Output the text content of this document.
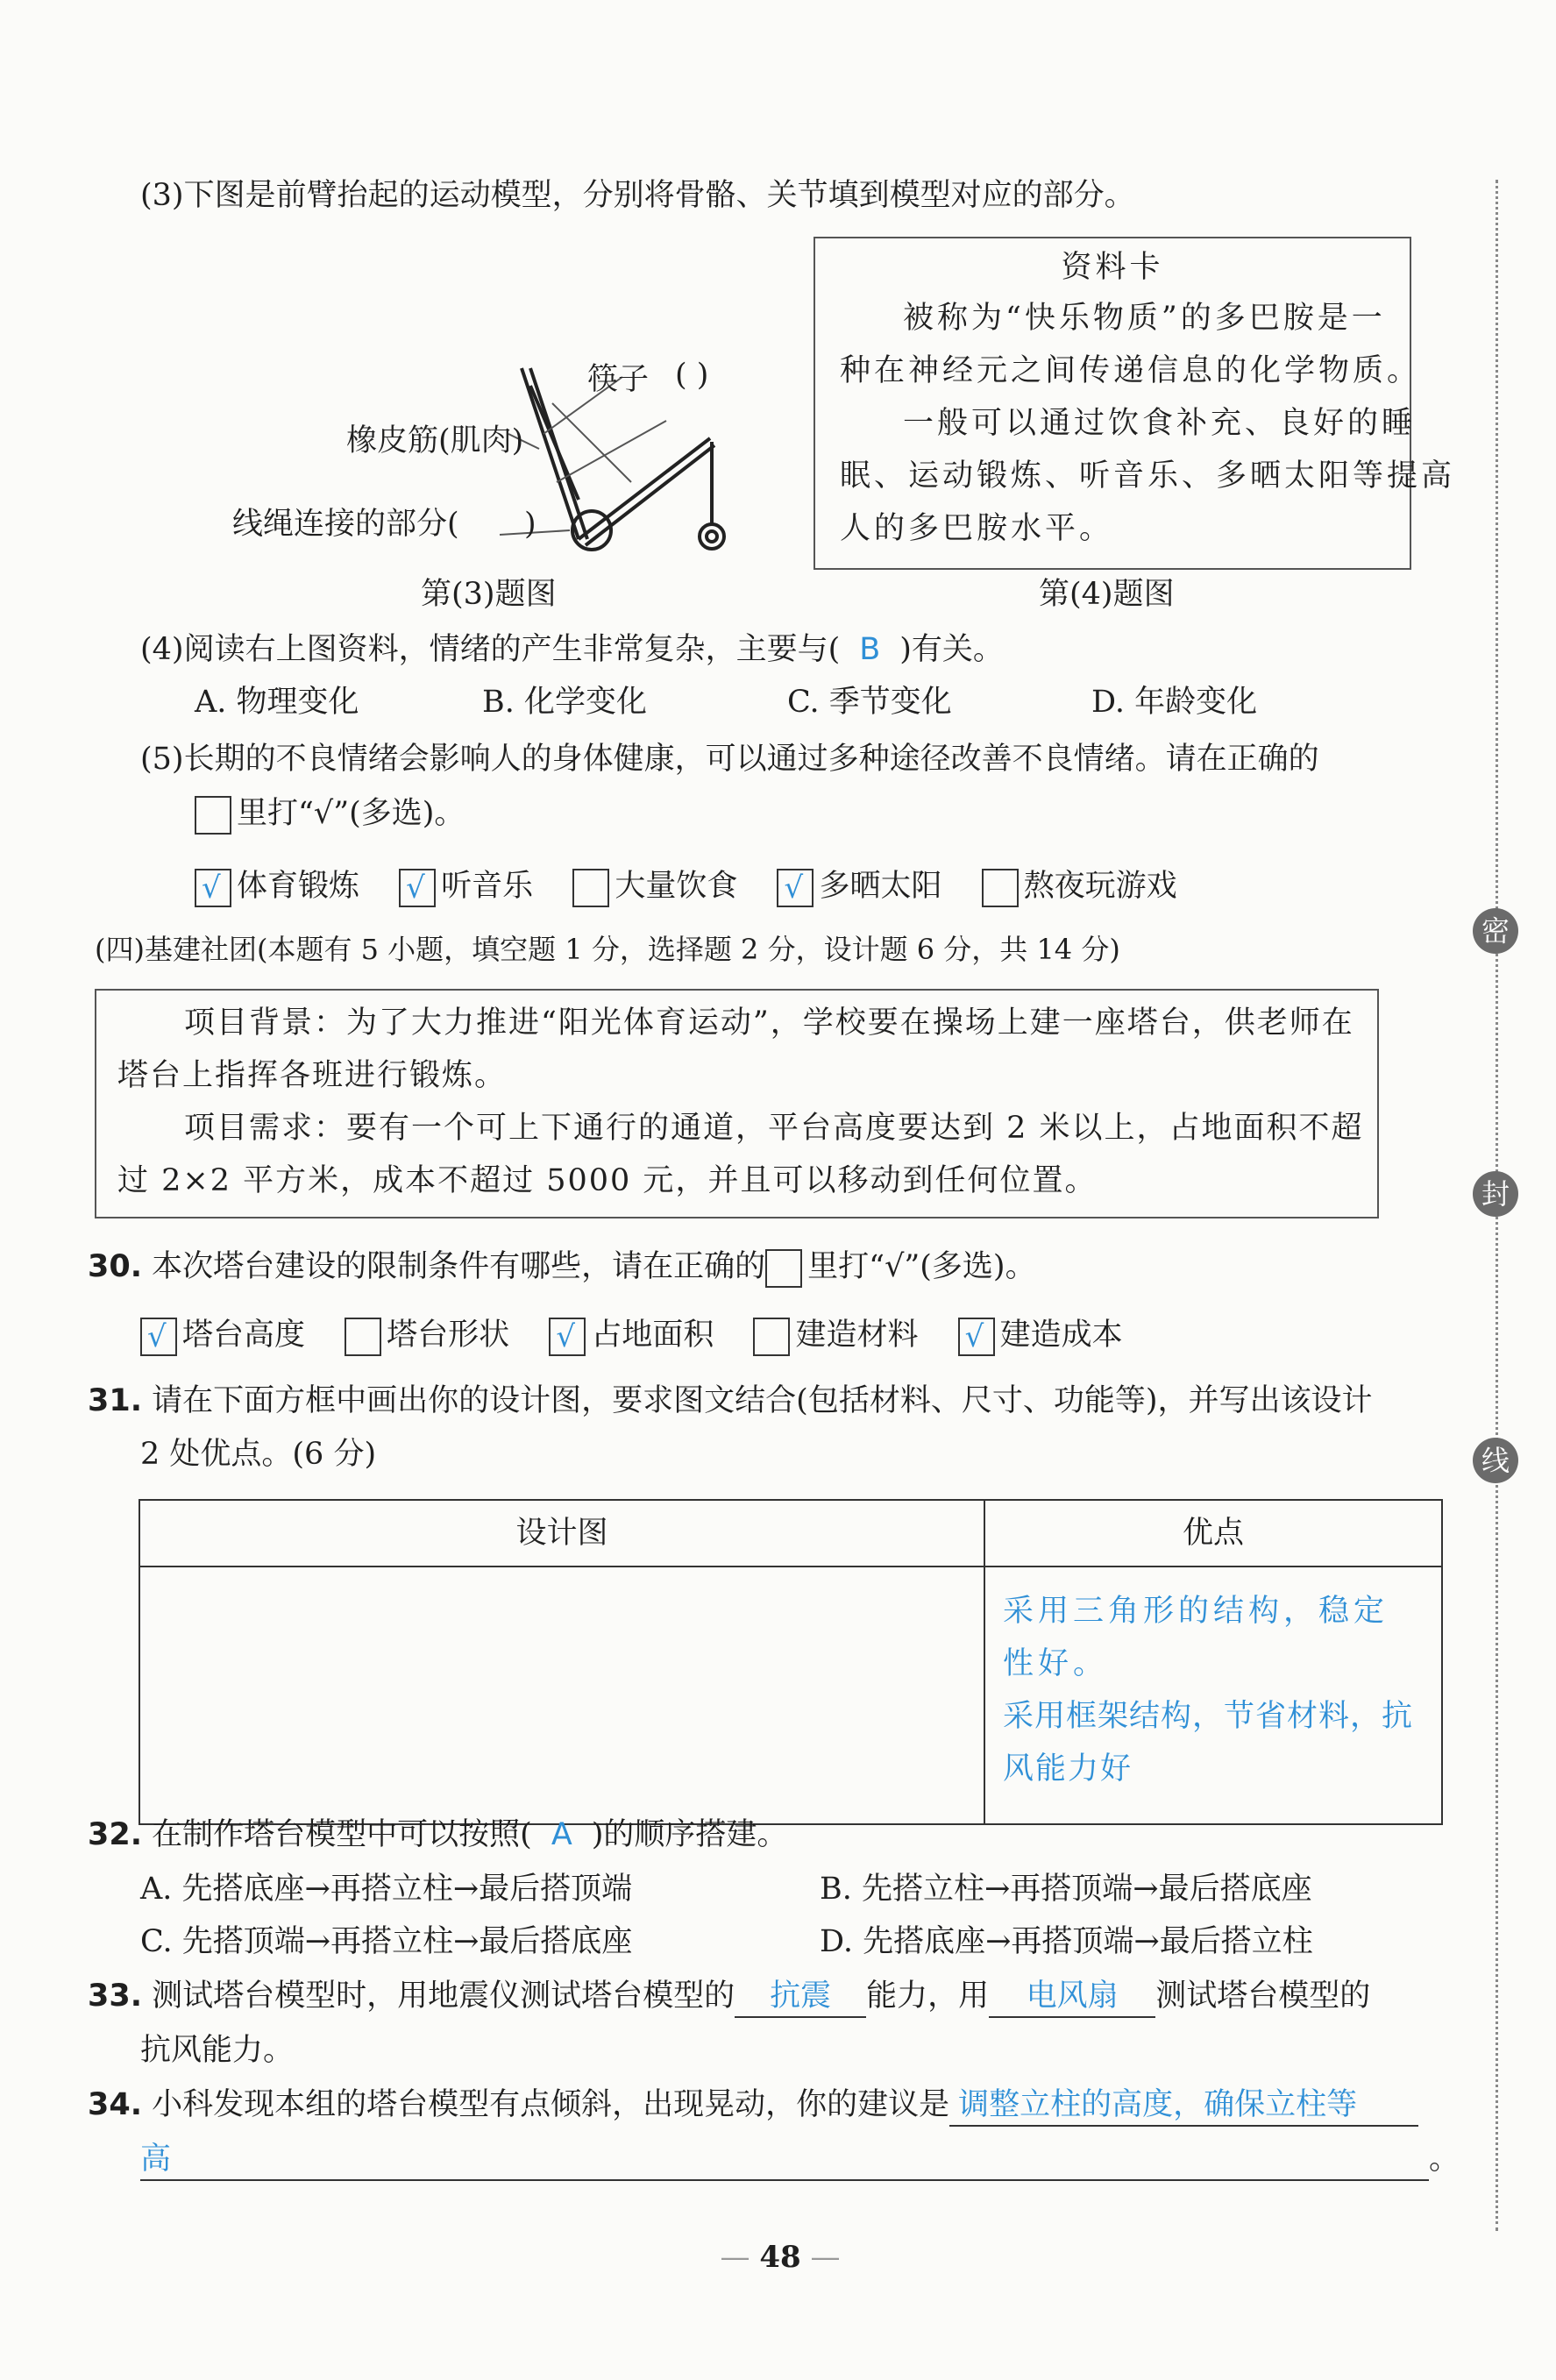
(3)下图是前臂抬起的运动模型，分别将骨骼、关节填到模型对应的部分。
筷子 ( )
橡皮筋(肌肉)
线绳连接的部分( )
第(3)题图
资料卡
被称为“快乐物质”的多巴胺是一
种在神经元之间传递信息的化学物质。
一般可以通过饮食补充、良好的睡
眠、运动锻炼、听音乐、多晒太阳等提高
人的多巴胺水平。
第(4)题图
(4)阅读右上图资料，情绪的产生非常复杂，主要与( B )有关。
A. 物理变化	B. 化学变化	C. 季节变化	D. 年龄变化
(5)长期的不良情绪会影响人的身体健康，可以通过多种途径改善不良情绪。请在正确的
里打“√”(多选)。
√ 体育锻炼 √ 听音乐	大量饮食 √ 多晒太阳	熬夜玩游戏
(四)基建社团(本题有 5 小题，填空题 1 分，选择题 2 分，设计题 6 分，共 14 分)
项目背景：为了大力推进“阳光体育运动”，学校要在操场上建一座塔台，供老师在
塔台上指挥各班进行锻炼。
项目需求：要有一个可上下通行的通道，平台高度要达到 2 米以上，占地面积不超
过 2×2 平方米，成本不超过 5000 元，并且可以移动到任何位置。
30. 本次塔台建设的限制条件有哪些，请在正确的 里打“√”(多选)。
√ 塔台高度	塔台形状 √ 占地面积	建造材料 √ 建造成本
31. 请在下面方框中画出你的设计图，要求图文结合(包括材料、尺寸、功能等)，并写出该设计
2 处优点。(6 分)
设计图	优点

	采用三角形的结构，稳定
性好。
采用框架结构，节省材料，抗
风能力好
32. 在制作塔台模型中可以按照( A )的顺序搭建。
A. 先搭底座→再搭立柱→最后搭顶端	B. 先搭立柱→再搭顶端→最后搭底座
C. 先搭顶端→再搭立柱→最后搭底座	D. 先搭底座→再搭顶端→最后搭立柱
33. 测试塔台模型时，用地震仪测试塔台模型的 抗震 能力，用 电风扇 测试塔台模型的
抗风能力。
34. 小科发现本组的塔台模型有点倾斜，出现晃动，你的建议是 调整立柱的高度，确保立柱等
高	。
— 48 —
密
封
线
